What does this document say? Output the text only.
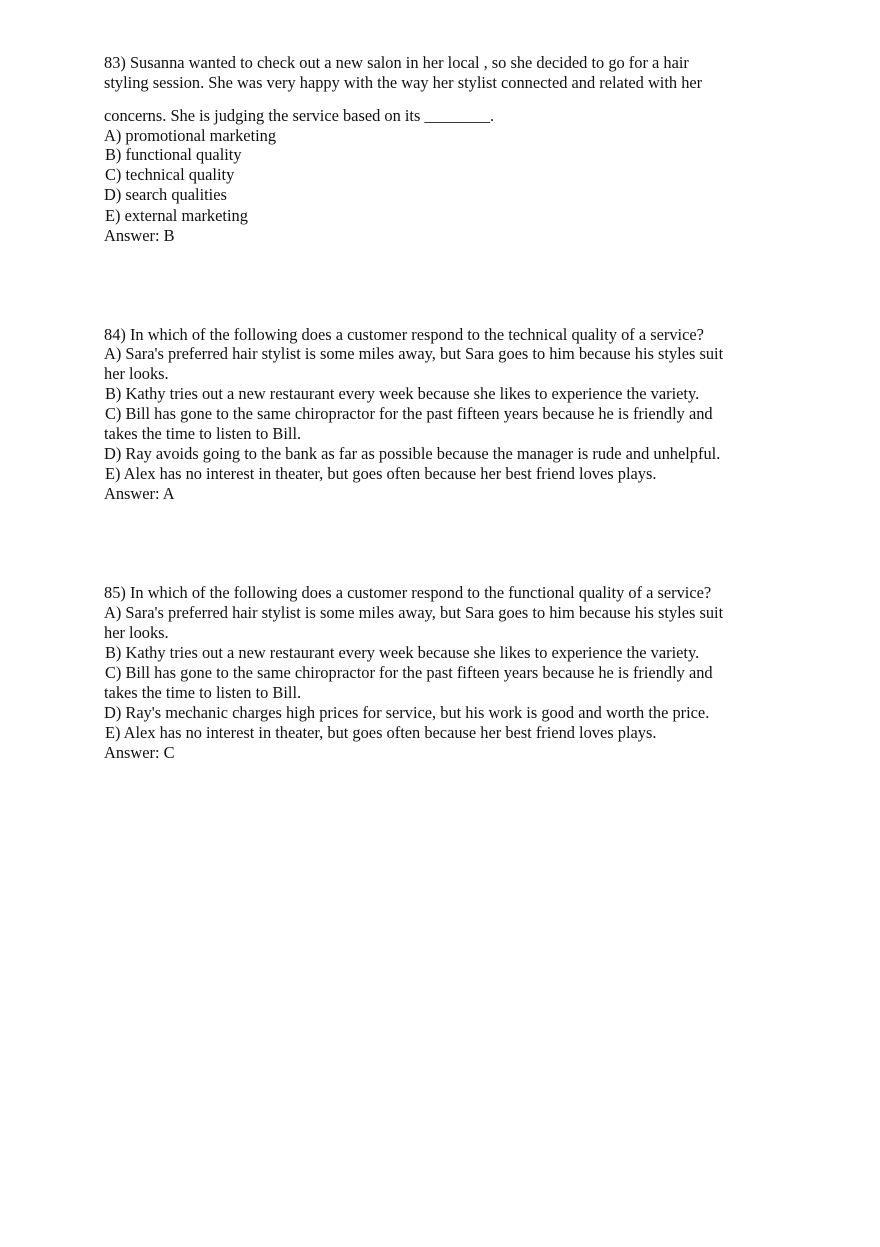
83) Susanna wanted to check out a new salon in her local , so she decided to go for a hair
styling session. She was very happy with the way her stylist connected and related with her
concerns. She is judging the service based on its ________.
A) promotional marketing
B) functional quality
C) technical quality
D) search qualities
E) external marketing
Answer: B
84) In which of the following does a customer respond to the technical quality of a service?
A) Sara's preferred hair stylist is some miles away, but Sara goes to him because his styles suit
her looks.
B) Kathy tries out a new restaurant every week because she likes to experience the variety.
C) Bill has gone to the same chiropractor for the past fifteen years because he is friendly and
takes the time to listen to Bill.
D) Ray avoids going to the bank as far as possible because the manager is rude and unhelpful.
E) Alex has no interest in theater, but goes often because her best friend loves plays.
Answer: A
85) In which of the following does a customer respond to the functional quality of a service?
A) Sara's preferred hair stylist is some miles away, but Sara goes to him because his styles suit
her looks.
B) Kathy tries out a new restaurant every week because she likes to experience the variety.
C) Bill has gone to the same chiropractor for the past fifteen years because he is friendly and
takes the time to listen to Bill.
D) Ray's mechanic charges high prices for service, but his work is good and worth the price.
E) Alex has no interest in theater, but goes often because her best friend loves plays.
Answer: C
